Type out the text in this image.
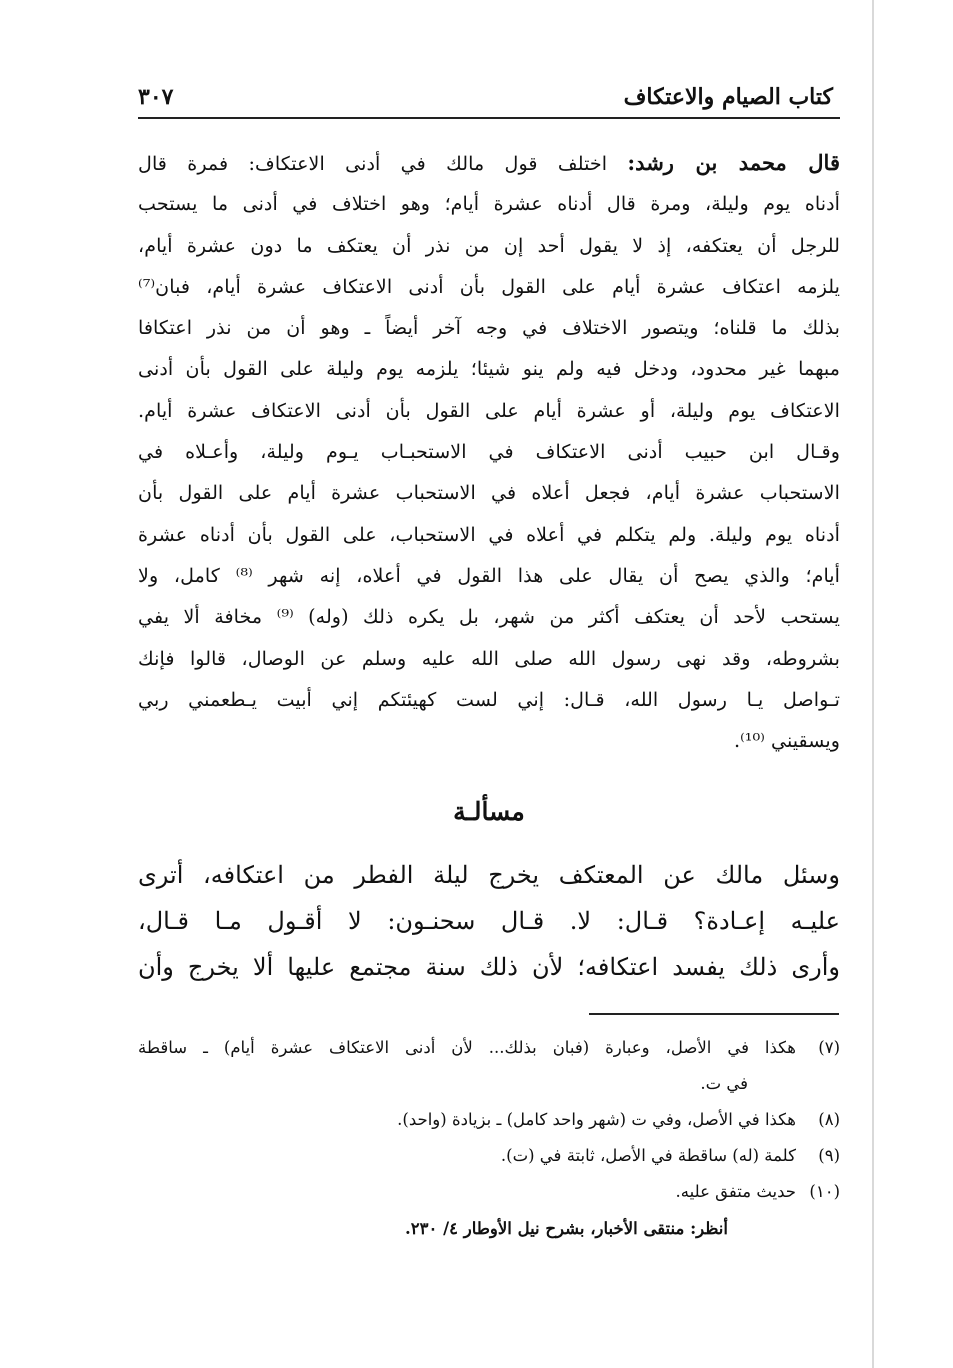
كتاب الصيام والاعتكاف
٣٠٧
قال محمد بن رشد: اختلف قول مالك في أدنى الاعتكاف: فمرة قال
أدناه يوم وليلة، ومرة قال أدناه عشرة أيام؛ وهو اختلاف في أدنى ما يستحب
للرجل أن يعتكفه، إذ لا يقول أحد إن من نذر أن يعتكف ما دون عشرة أيام،
يلزمه اعتكاف عشرة أيام على القول بأن أدنى الاعتكاف عشرة أيام، فبان⁽⁷⁾
بذلك ما قلناه؛ ويتصور الاختلاف في وجه آخر أيضاً ـ وهو أن من نذر اعتكافا
مبهما غير محدود، ودخل فيه ولم ينو شيئا؛ يلزمه يوم وليلة على القول بأن أدنى
الاعتكاف يوم وليلة، أو عشرة أيام على القول بأن أدنى الاعتكاف عشرة أيام.
وقـال ابن حبيب أدنى الاعتكاف في الاستحبـاب يـوم وليلة، وأعـلاه في
الاستحباب عشرة أيام، فجعل أعلاه في الاستحباب عشرة أيام على القول بأن
أدناه يوم وليلة. ولم يتكلم في أعلاه في الاستحباب، على القول بأن أدناه عشرة
أيام؛ والذي يصح أن يقال على هذا القول في أعلاه، إنه شهر ⁽⁸⁾ كامل، ولا
يستحب لأحد أن يعتكف أكثر من شهر، بل يكره ذلك (وله) ⁽⁹⁾ مخافة ألا يفي
بشروطه، وقد نهى رسول الله صلى الله عليه وسلم عن الوصال، قالوا فإنك
تـواصل يـا رسول الله، قـال: إني لست كهيئتكم إني أبيت يـطعمني ربي
ويسقيني ⁽¹⁰⁾.
مسألـة
وسئل مالك عن المعتكف يخرج ليلة الفطر من اعتكافه، أترى
عليـه إعـادة؟ قـال: لا. قـال سحنـون: لا أقـول مـا قـال،
وأرى ذلك يفسد اعتكافه؛ لأن ذلك سنة مجتمع عليها ألا يخرج وأن
(٧)
هكذا في الأصل، وعبارة (فبان بذلك... لأن أدنى الاعتكاف عشرة أيام) ـ ساقطة
في ت.
(٨)
هكذا في الأصل، وفي ت (شهر واحد كامل) ـ بزيادة (واحد).
(٩)
كلمة (له) ساقطة في الأصل، ثابتة في (ت).
(١٠)
حديث متفق عليه.
أنظر: منتقى الأخبار، بشرح نيل الأوطار ٤/ ٢٣٠.
